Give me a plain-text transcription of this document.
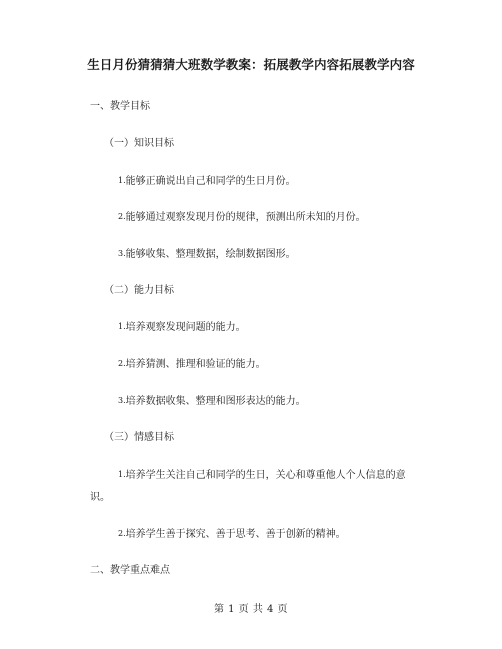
生日月份猜猜猜大班数学教案：拓展教学内容拓展教学内容
一、教学目标
（一）知识目标
1.能够正确说出自己和同学的生日月份。
2.能够通过观察发现月份的规律，预测出所未知的月份。
3.能够收集、整理数据，绘制数据图形。
（二）能力目标
1.培养观察发现问题的能力。
2.培养猜测、推理和验证的能力。
3.培养数据收集、整理和图形表达的能力。
（三）情感目标
1.培养学生关注自己和同学的生日，关心和尊重他人个人信息的意识。
2.培养学生善于探究、善于思考、善于创新的精神。
二、教学重点难点
第 1 页 共 4 页
